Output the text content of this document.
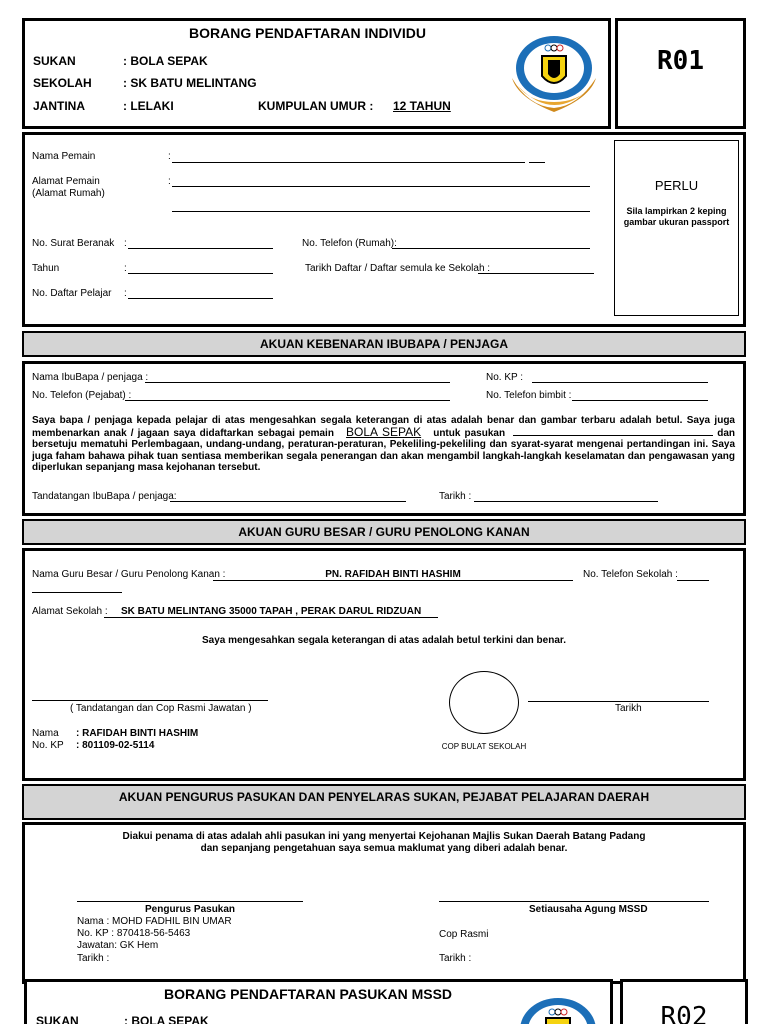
BORANG PENDAFTARAN INDIVIDU
SUKAN	: BOLA SEPAK
SEKOLAH	: SK BATU MELINTANG
JANTINA	: LELAKI	KUMPULAN UMUR : 12 TAHUN
R01
Nama Pemain	:
Alamat Pemain
(Alamat Rumah)
:
No. Surat Beranak :	No. Telefon (Rumah):
Tahun	:	Tarikh Daftar / Daftar semula ke Sekolah :
No. Daftar Pelajar :
PERLU
Sila lampirkan 2 keping gambar ukuran passport
AKUAN KEBENARAN IBUBAPA / PENJAGA
Nama IbuBapa / penjaga :	No. KP :
No. Telefon (Pejabat) :	No. Telefon bimbit :
Saya bapa / penjaga kepada pelajar di atas mengesahkan segala keterangan di atas adalah benar dan gambar terbaru adalah betul. Saya juga membenarkan anak / jagaan saya didaftarkan sebagai pemain BOLA SEPAK untuk pasukan	dan bersetuju mematuhi Perlembagaan, undang-undang, peraturan-peraturan, Pekeliling-pekeliling dan syarat-syarat mengenai pertandingan ini. Saya juga faham bahawa pihak tuan sentiasa memberikan segala penerangan dan akan mengambil langkah-langkah keselamatan dan pengawasan yang diperlukan sepanjang masa kejohanan tersebut.
Tandatangan IbuBapa / penjaga:	Tarikh :
AKUAN GURU BESAR / GURU PENOLONG KANAN
Nama Guru Besar / Guru Penolong Kanan :	PN. RAFIDAH BINTI HASHIM	No. Telefon Sekolah :
Alamat Sekolah : SK BATU MELINTANG 35000 TAPAH , PERAK DARUL RIDZUAN
Saya mengesahkan segala keterangan di atas adalah betul terkini dan benar.
( Tandatangan dan Cop Rasmi Jawatan )
COP BULAT SEKOLAH
Tarikh
Nama : RAFIDAH BINTI HASHIM
No. KP : 801109-02-5114
AKUAN PENGURUS PASUKAN DAN PENYELARAS SUKAN, PEJABAT PELAJARAN DAERAH
Diakui penama di atas adalah ahli pasukan ini yang menyertai Kejohanan Majlis Sukan Daerah Batang Padang
dan sepanjang pengetahuan saya semua maklumat yang diberi adalah benar.
Pengurus Pasukan
Nama : MOHD FADHIL BIN UMAR
No. KP : 870418-56-5463
Jawatan: GK Hem
Tarikh :
Setiausaha Agung MSSD
Cop Rasmi
Tarikh :
BORANG PENDAFTARAN PASUKAN MSSD
SUKAN	: BOLA SEPAK	R02
